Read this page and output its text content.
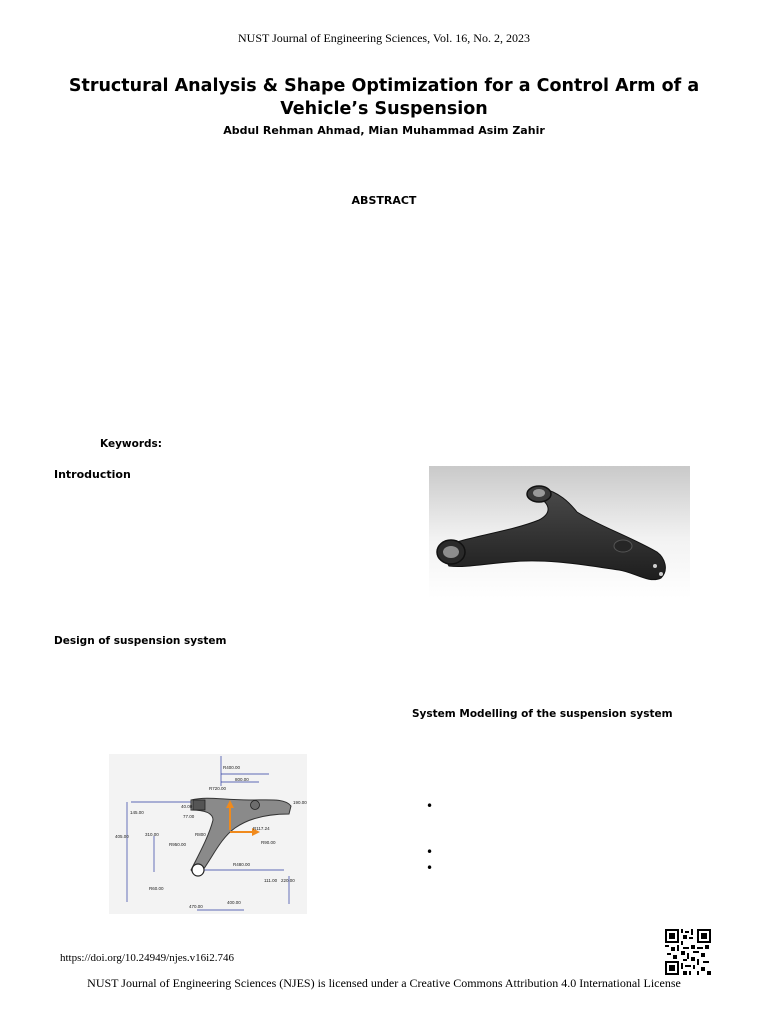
NUST Journal of Engineering Sciences, Vol. 16, No. 2, 2023
Structural Analysis & Shape Optimization for a Control Arm of a
Vehicle’s Suspension
Abdul Rehman Ahmad, Mian Muhammad Asim Zahir
ABSTRACT
Keywords:
Introduction
Design of suspension system
System Modelling of the suspension system
R400.00
800.00
R720.00
R117.24
R90.00
R950.00
R60.00
400.00
470.00
111.00 220.00
145.00
405.00	310.00
40.00
77.00
R480.00
190.00
R800
•
•
•
https://doi.org/10.24949/njes.v16i2.746
NUST Journal of Engineering Sciences (NJES) is licensed under a Creative Commons Attribution 4.0 International License
